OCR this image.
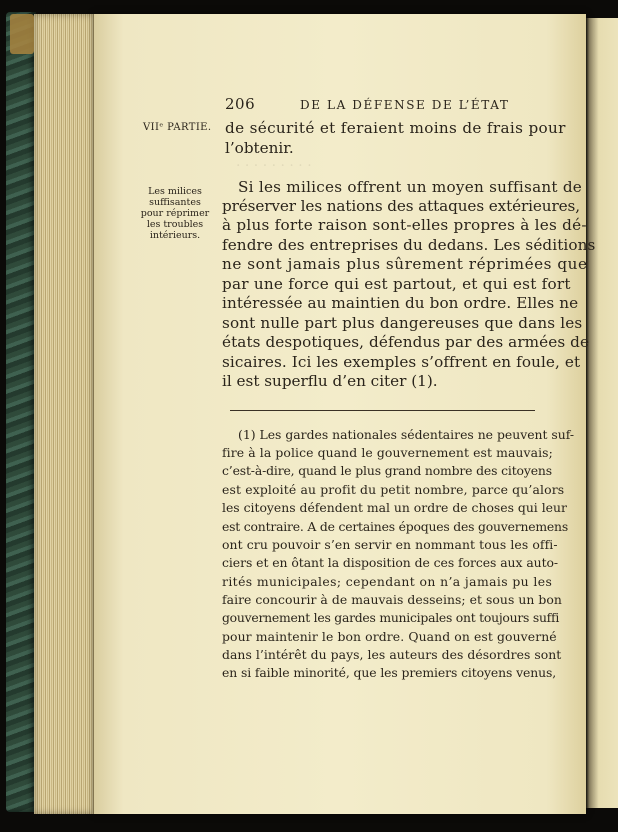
· · · · · · · · ·

206	DE LA DÉFENSE DE L’ÉTAT

VIIᵉ PARTIE. de sécurité et feraient moins de frais pour

l’obtenir.

Si les milices offrent un moyen suffisant de

préserver les nations des attaques extérieures,

à plus forte raison sont-elles propres à les dé-

fendre des entreprises du dedans. Les séditions

ne sont jamais plus sûrement réprimées que

par une force qui est partout, et qui est fort

intéressée au maintien du bon ordre. Elles ne

sont nulle part plus dangereuses que dans les

états despotiques, défendus par des armées de

sicaires. Ici les exemples s’offrent en foule, et

il est superflu d’en citer (1).

Les milices
suffisantes
pour réprimer
les troubles
intérieurs.

(1) Les gardes nationales sédentaires ne peuvent suf-

fire à la police quand le gouvernement est mauvais;

c’est-à-dire, quand le plus grand nombre des citoyens

est exploité au profit du petit nombre, parce qu’alors

les citoyens défendent mal un ordre de choses qui leur

est contraire. A de certaines époques des gouvernemens

ont cru pouvoir s’en servir en nommant tous les offi-

ciers et en ôtant la disposition de ces forces aux auto-

rités municipales; cependant on n’a jamais pu les

faire concourir à de mauvais desseins; et sous un bon

gouvernement les gardes municipales ont toujours suffi

pour maintenir le bon ordre. Quand on est gouverné

dans l’intérêt du pays, les auteurs des désordres sont

en si faible minorité, que les premiers citoyens venus,
